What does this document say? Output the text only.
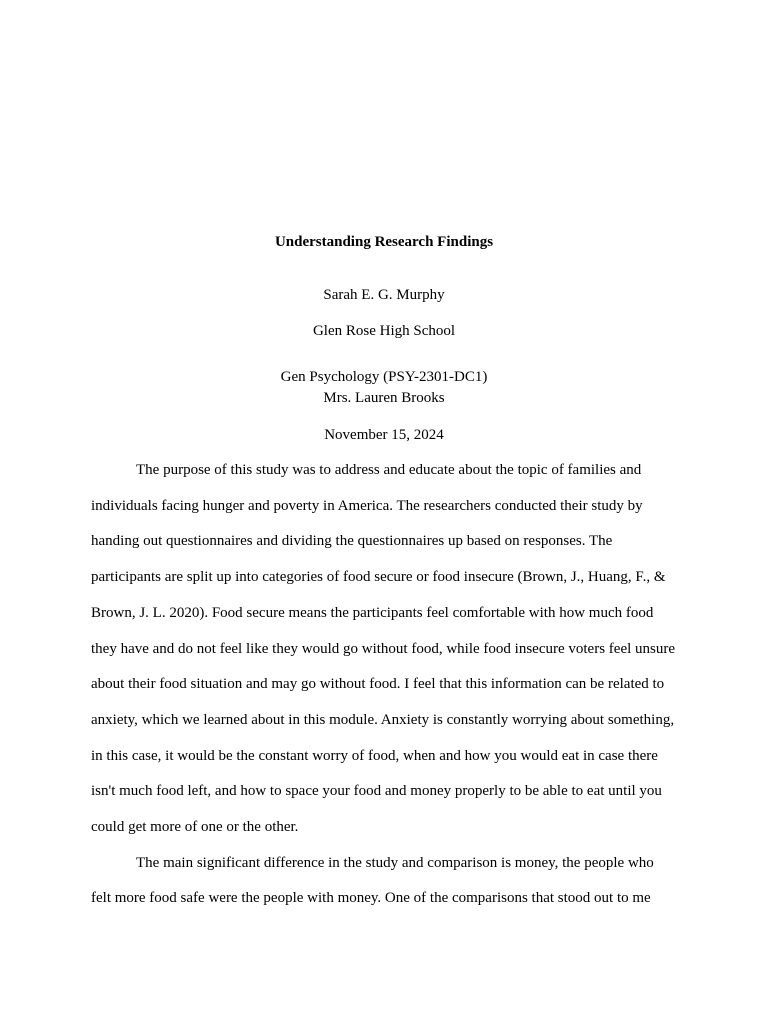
Understanding Research Findings
Sarah E. G. Murphy
Glen Rose High School
Gen Psychology (PSY-2301-DC1)
Mrs. Lauren Brooks
November 15, 2024
The purpose of this study was to address and educate about the topic of families and
individuals facing hunger and poverty in America. The researchers conducted their study by
handing out questionnaires and dividing the questionnaires up based on responses. The
participants are split up into categories of food secure or food insecure (Brown, J., Huang, F., &
Brown, J. L. 2020). Food secure means the participants feel comfortable with how much food
they have and do not feel like they would go without food, while food insecure voters feel unsure
about their food situation and may go without food. I feel that this information can be related to
anxiety, which we learned about in this module. Anxiety is constantly worrying about something,
in this case, it would be the constant worry of food, when and how you would eat in case there
isn't much food left, and how to space your food and money properly to be able to eat until you
could get more of one or the other.
The main significant difference in the study and comparison is money, the people who
felt more food safe were the people with money. One of the comparisons that stood out to me
